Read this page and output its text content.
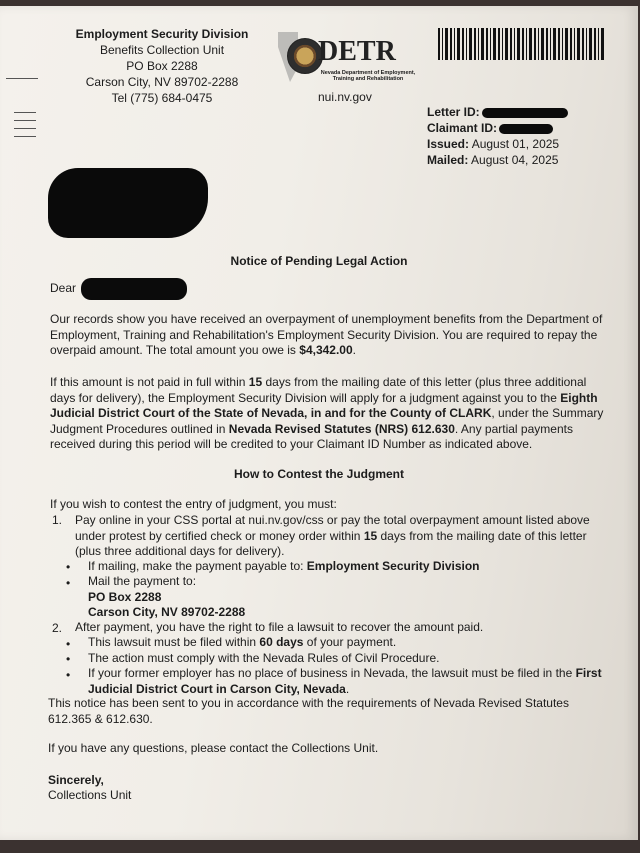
Employment Security Division
Benefits Collection Unit
PO Box 2288
Carson City, NV 89702-2288
Tel (775) 684-0475
DETR
Nevada Department of Employment,
Training and Rehabilitation
nui.nv.gov
Letter ID:
Claimant ID:
Issued: August 01, 2025
Mailed: August 04, 2025
Notice of Pending Legal Action
Dear
Our records show you have received an overpayment of unemployment benefits from the Department of Employment, Training and Rehabilitation's Employment Security Division. You are required to repay the overpaid amount. The total amount you owe is $4,342.00.
If this amount is not paid in full within 15 days from the mailing date of this letter (plus three additional days for delivery), the Employment Security Division will apply for a judgment against you to the Eighth Judicial District Court of the State of Nevada, in and for the County of CLARK, under the Summary Judgment Procedures outlined in Nevada Revised Statutes (NRS) 612.630. Any partial payments received during this period will be credited to your Claimant ID Number as indicated above.
How to Contest the Judgment
If you wish to contest the entry of judgment, you must:
1. Pay online in your CSS portal at nui.nv.gov/css or pay the total overpayment amount listed above under protest by certified check or money order within 15 days from the mailing date of this letter (plus three additional days for delivery).
• If mailing, make the payment payable to: Employment Security Division
• Mail the payment to:
PO Box 2288
Carson City, NV 89702-2288
2. After payment, you have the right to file a lawsuit to recover the amount paid.
• This lawsuit must be filed within 60 days of your payment.
• The action must comply with the Nevada Rules of Civil Procedure.
• If your former employer has no place of business in Nevada, the lawsuit must be filed in the First Judicial District Court in Carson City, Nevada.
This notice has been sent to you in accordance with the requirements of Nevada Revised Statutes 612.365 & 612.630.
If you have any questions, please contact the Collections Unit.
Sincerely,
Collections Unit
